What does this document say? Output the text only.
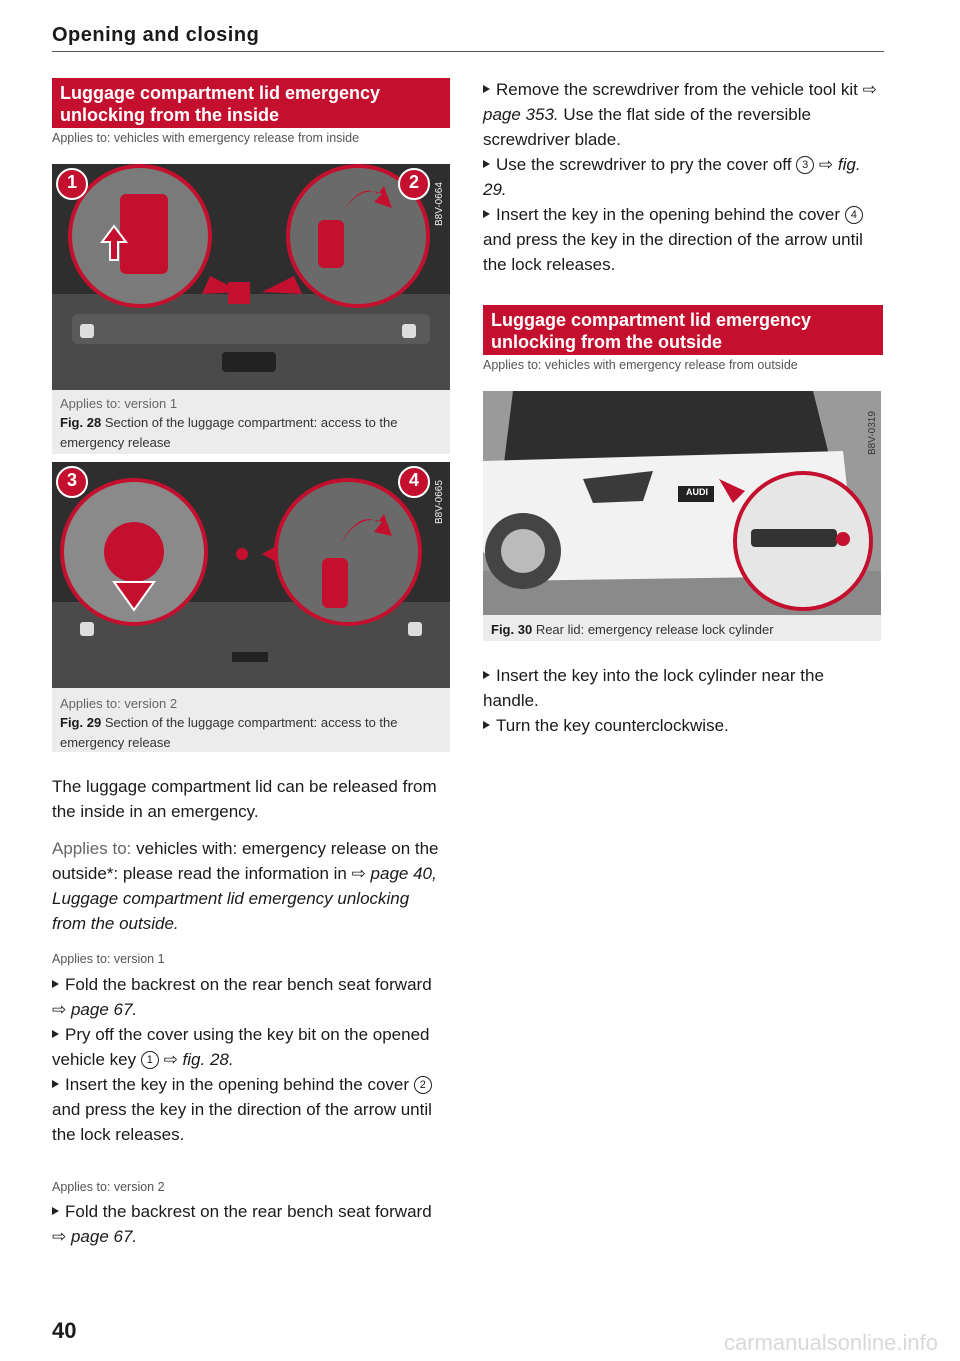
Opening and closing
Luggage compartment lid emergency unlocking from the inside
Applies to: vehicles with emergency release from inside
1	2
B8V-0664
Applies to: version 1
Fig. 28 Section of the luggage compartment: access to the emergency release
3	4
B8V-0665
Applies to: version 2
Fig. 29 Section of the luggage compartment: access to the emergency release
The luggage compartment lid can be released from the inside in an emergency.
Applies to: vehicles with: emergency release on the outside*: please read the information in ⇨ page 40, Luggage compartment lid emergency unlocking from the outside.
Applies to: version 1
Fold the backrest on the rear bench seat forward ⇨ page 67.
Pry off the cover using the key bit on the opened vehicle key 1 ⇨ fig. 28.
Insert the key in the opening behind the cover 2 and press the key in the direction of the arrow until the lock releases.
Applies to: version 2
Fold the backrest on the rear bench seat forward ⇨ page 67.
Remove the screwdriver from the vehicle tool kit ⇨ page 353. Use the flat side of the reversible screwdriver blade.
Use the screwdriver to pry the cover off 3 ⇨ fig. 29.
Insert the key in the opening behind the cover 4 and press the key in the direction of the arrow until the lock releases.
Luggage compartment lid emergency unlocking from the outside
Applies to: vehicles with emergency release from outside
AUDI
B8V-0319
Fig. 30 Rear lid: emergency release lock cylinder
Insert the key into the lock cylinder near the handle.
Turn the key counterclockwise.
40	carmanualsonline.info
